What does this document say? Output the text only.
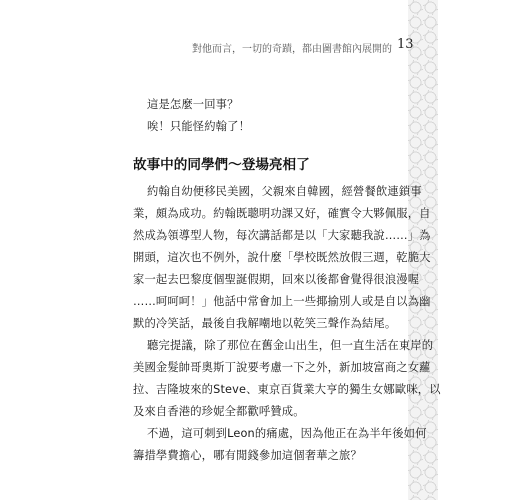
對他而言，一切的奇蹟，都由圖書館內展開的 13
這是怎麼一回事？
唉！只能怪約翰了！
故事中的同學們～登場亮相了
約翰自幼便移民美國，父親來自韓國，經營餐飲連鎖事
業，頗為成功。約翰既聰明功課又好，確實令大夥佩服，自
然成為領導型人物，每次講話都是以「大家聽我說……」為
開頭，這次也不例外，說什麼「學校既然放假三週，乾脆大
家一起去巴黎度個聖誕假期，回來以後都會覺得很浪漫喔
……呵呵呵！」他話中常會加上一些揶揄別人或是自以為幽
默的冷笑話，最後自我解嘲地以乾笑三聲作為結尾。
聽完提議，除了那位在舊金山出生，但一直生活在東岸的
美國金髮帥哥奧斯丁說要考慮一下之外，新加坡富商之女蘿
拉、吉隆坡來的Steve、東京百貨業大亨的獨生女娜歐咪，以
及來自香港的珍妮全都歡呼贊成。
不過，這可刺到Leon的痛處，因為他正在為半年後如何
籌措學費擔心，哪有閒錢參加這個奢華之旅？
